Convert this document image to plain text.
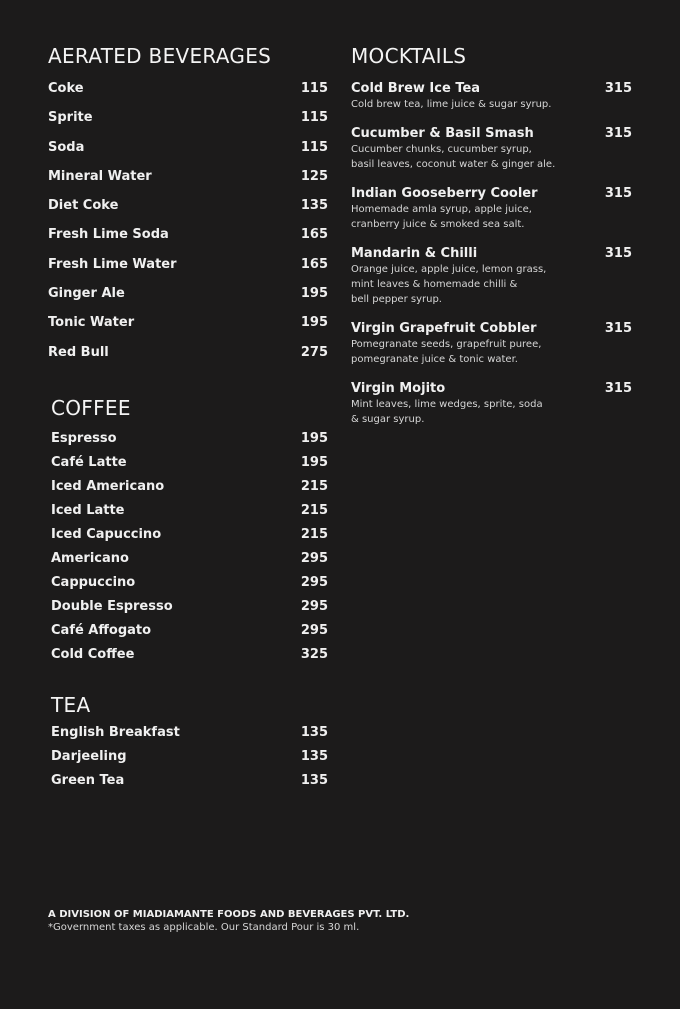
AERATED BEVERAGES
Coke	115
Sprite	115
Soda	115
Mineral Water	125
Diet Coke	135
Fresh Lime Soda	165
Fresh Lime Water	165
Ginger Ale	195
Tonic Water	195
Red Bull	275
COFFEE
Espresso	195
Café Latte	195
Iced Americano	215
Iced Latte	215
Iced Capuccino	215
Americano	295
Cappuccino	295
Double Espresso	295
Café Affogato	295
Cold Coffee	325
TEA
English Breakfast	135
Darjeeling	135
Green Tea	135
MOCKTAILS
Cold Brew Ice Tea	315
Cold brew tea, lime juice & sugar syrup.
Cucumber & Basil Smash	315
Cucumber chunks, cucumber syrup,
basil leaves, coconut water & ginger ale.
Indian Gooseberry Cooler	315
Homemade amla syrup, apple juice,
cranberry juice & smoked sea salt.
Mandarin & Chilli	315
Orange juice, apple juice, lemon grass,
mint leaves & homemade chilli &
bell pepper syrup.
Virgin Grapefruit Cobbler	315
Pomegranate seeds, grapefruit puree,
pomegranate juice & tonic water.
Virgin Mojito	315
Mint leaves, lime wedges, sprite, soda
& sugar syrup.
A DIVISION OF MIADIAMANTE FOODS AND BEVERAGES PVT. LTD.
*Government taxes as applicable. Our Standard Pour is 30 ml.
